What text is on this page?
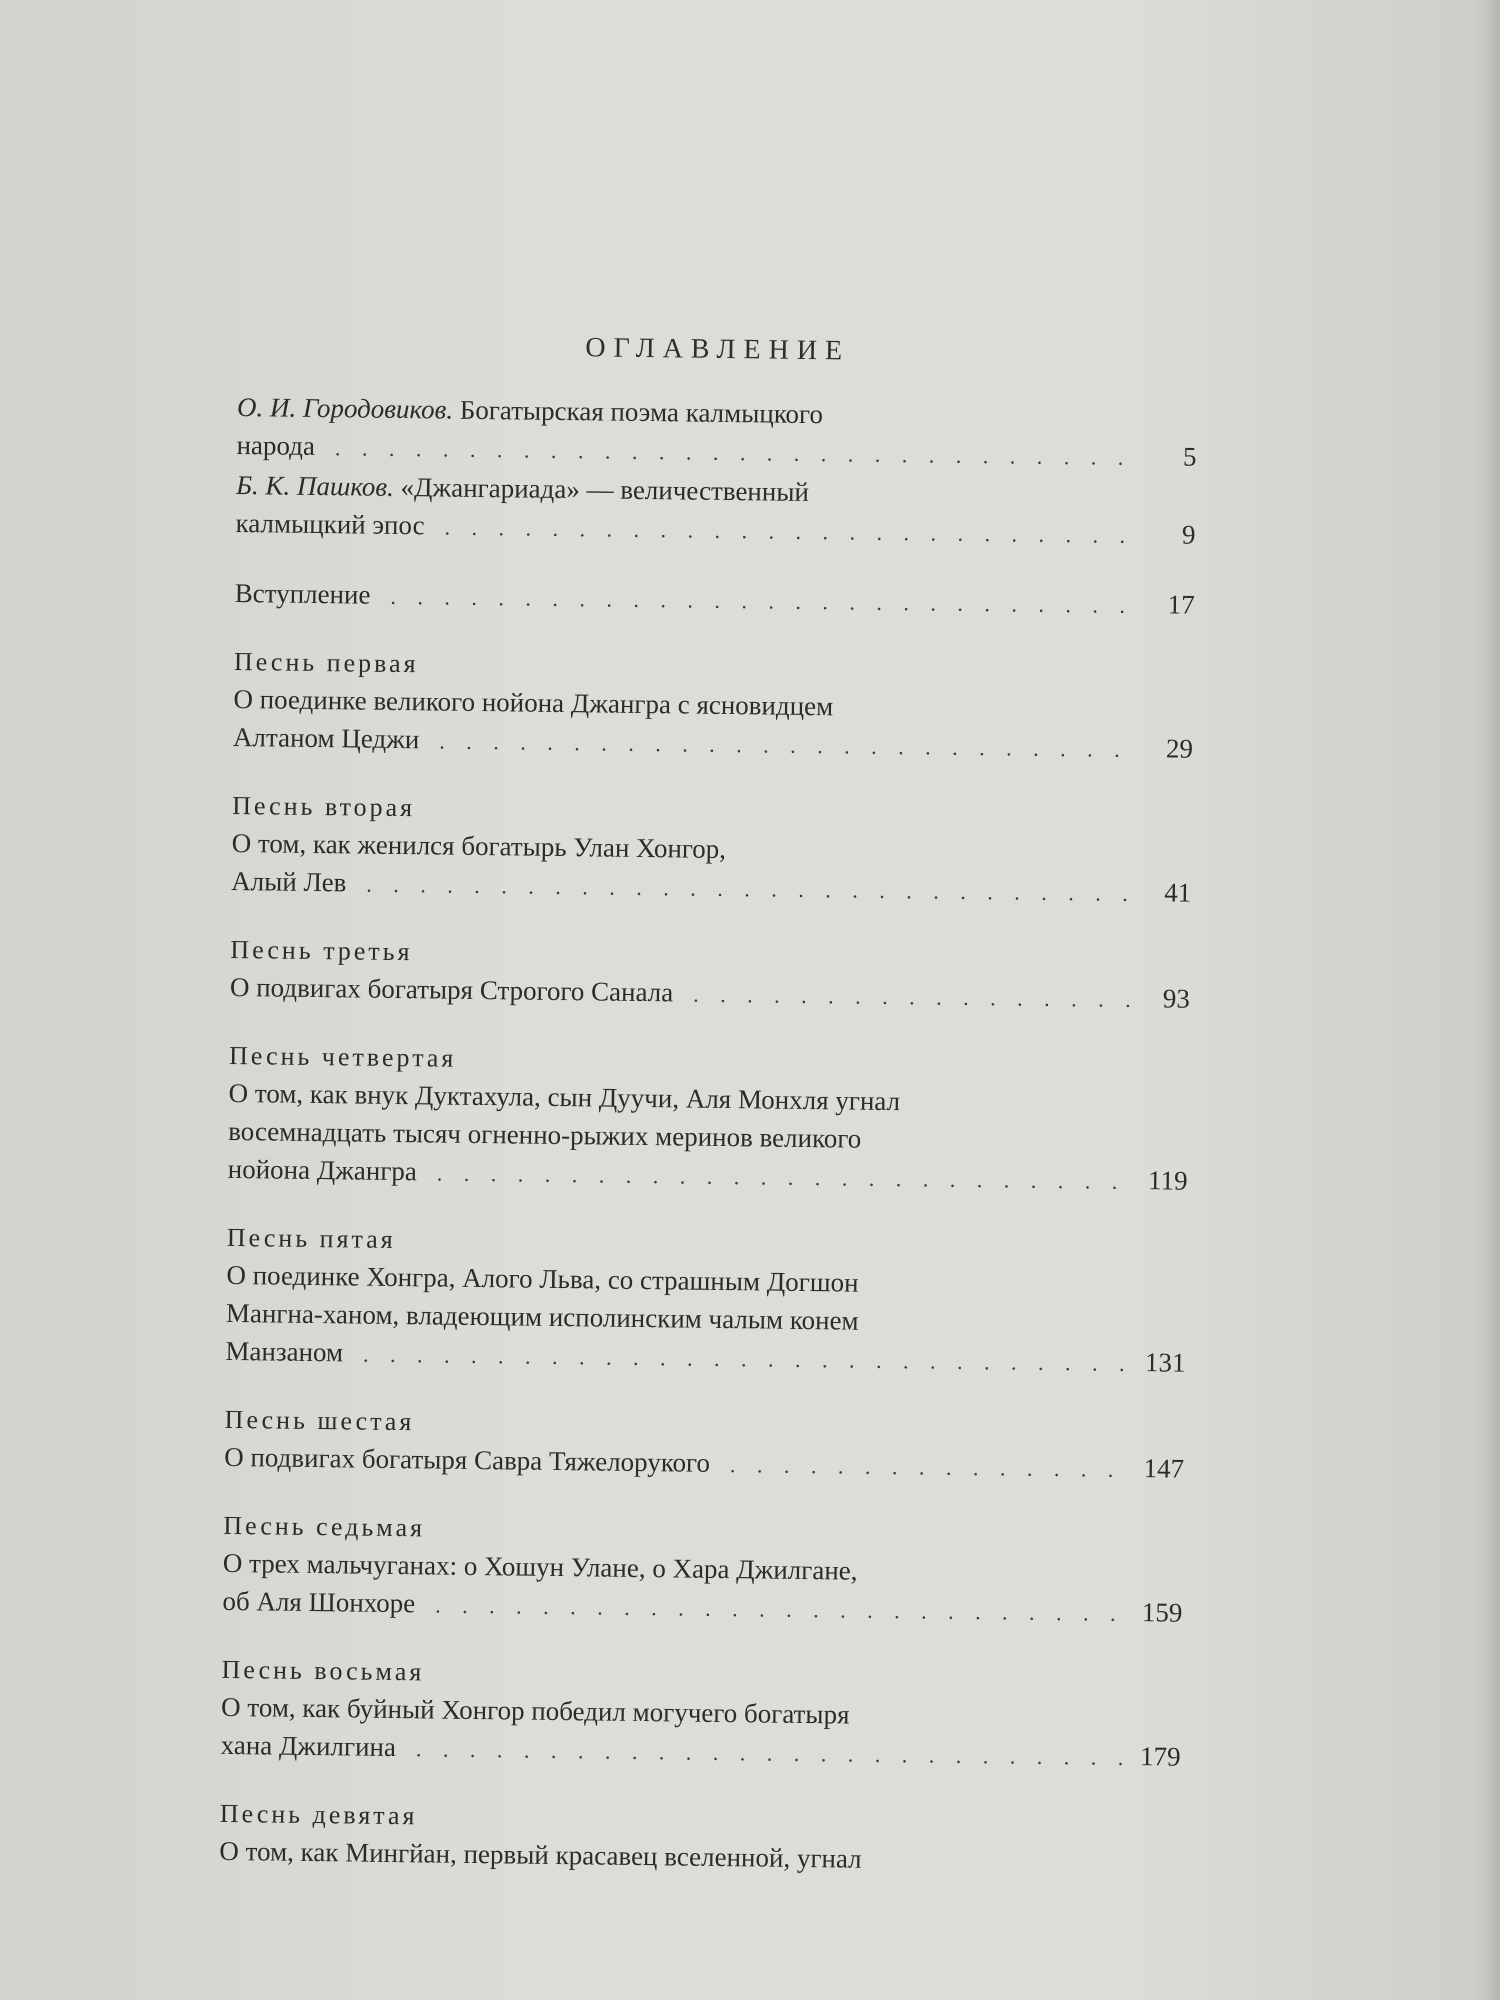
ОГЛАВЛЕНИЕ
О. И. Городовиков. Богатырская поэма калмыцкого
народа . . .	5
Б. К. Пашков. «Джангариада» — величественный
калмыцкий эпос . . .	9
Вступление . . .	17
Песнь первая
О поединке великого нойона Джангра с ясновидцем
Алтаном Цеджи . . .	29
Песнь вторая
О том, как женился богатырь Улан Хонгор,
Алый Лев . . .	41
Песнь третья
О подвигах богатыря Строгого Санала . . .	93
Песнь четвертая
О том, как внук Дуктахула, сын Дуучи, Аля Монхля угнал
восемнадцать тысяч огненно-рыжих меринов великого
нойона Джангра . . .	119
Песнь пятая
О поединке Хонгра, Алого Льва, со страшным Догшон
Мангна-ханом, владеющим исполинским чалым конем
Манзаном . . .	131
Песнь шестая
О подвигах богатыря Савра Тяжелорукого . . .	147
Песнь седьмая
О трех мальчуганах: о Хошун Улане, о Хара Джилгане,
об Аля Шонхоре . . .	159
Песнь восьмая
О том, как буйный Хонгор победил могучего богатыря
хана Джилгина . . .	179
Песнь девятая
О том, как Мингйан, первый красавец вселенной, угнал
